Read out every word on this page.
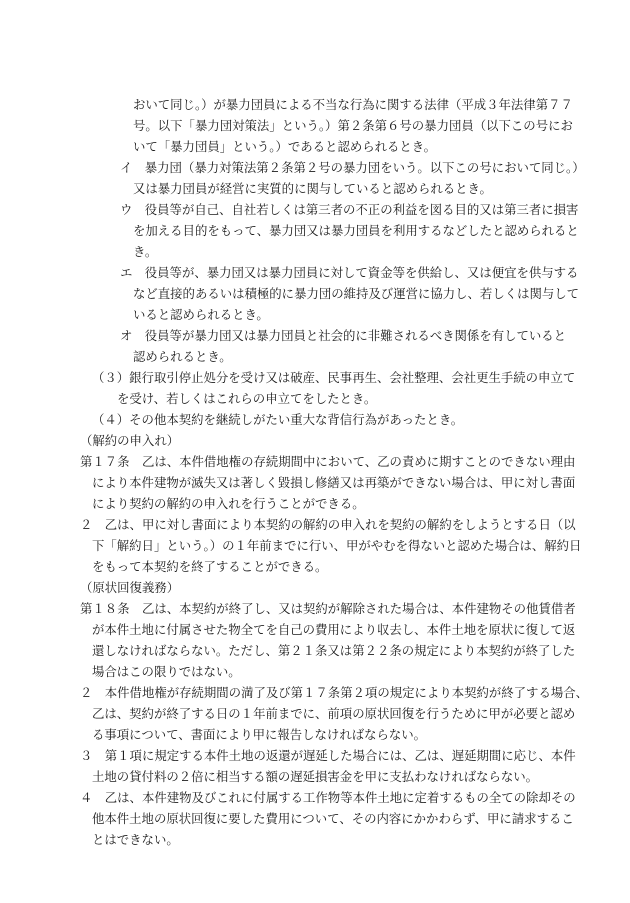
おいて同じ。）が暴力団員による不当な行為に関する法律（平成３年法律第７７
号。以下「暴力団対策法」という。）第２条第６号の暴力団員（以下この号にお
いて「暴力団員」という。）であると認められるとき。
イ　暴力団（暴力対策法第２条第２号の暴力団をいう。以下この号において同じ。）
又は暴力団員が経営に実質的に関与していると認められるとき。
ウ　役員等が自己、自社若しくは第三者の不正の利益を図る目的又は第三者に損害
を加える目的をもって、暴力団又は暴力団員を利用するなどしたと認められると
き。
エ　役員等が、暴力団又は暴力団員に対して資金等を供給し、又は便宜を供与する
など直接的あるいは積極的に暴力団の維持及び運営に協力し、若しくは関与して
いると認められるとき。
オ　役員等が暴力団又は暴力団員と社会的に非難されるべき関係を有していると
認められるとき。
（３）銀行取引停止処分を受け又は破産、民事再生、会社整理、会社更生手続の申立て
を受け、若しくはこれらの申立てをしたとき。
（４）その他本契約を継続しがたい重大な背信行為があったとき。
（解約の申入れ）
第１７条　乙は、本件借地権の存続期間中において、乙の責めに期すことのできない理由
により本件建物が滅失又は著しく毀損し修繕又は再築ができない場合は、甲に対し書面
により契約の解約の申入れを行うことができる。
２　乙は、甲に対し書面により本契約の解約の申入れを契約の解約をしようとする日（以
下「解約日」という。）の１年前までに行い、甲がやむを得ないと認めた場合は、解約日
をもって本契約を終了することができる。
（原状回復義務）
第１８条　乙は、本契約が終了し、又は契約が解除された場合は、本件建物その他賃借者
が本件土地に付属させた物全てを自己の費用により収去し、本件土地を原状に復して返
還しなければならない。ただし、第２１条又は第２２条の規定により本契約が終了した
場合はこの限りではない。
２　本件借地権が存続期間の満了及び第１７条第２項の規定により本契約が終了する場合、
乙は、契約が終了する日の１年前までに、前項の原状回復を行うために甲が必要と認め
る事項について、書面により甲に報告しなければならない。
３　第１項に規定する本件土地の返還が遅延した場合には、乙は、遅延期間に応じ、本件
土地の貸付料の２倍に相当する額の遅延損害金を甲に支払わなければならない。
４　乙は、本件建物及びこれに付属する工作物等本件土地に定着するもの全ての除却その
他本件土地の原状回復に要した費用について、その内容にかかわらず、甲に請求するこ
とはできない。
